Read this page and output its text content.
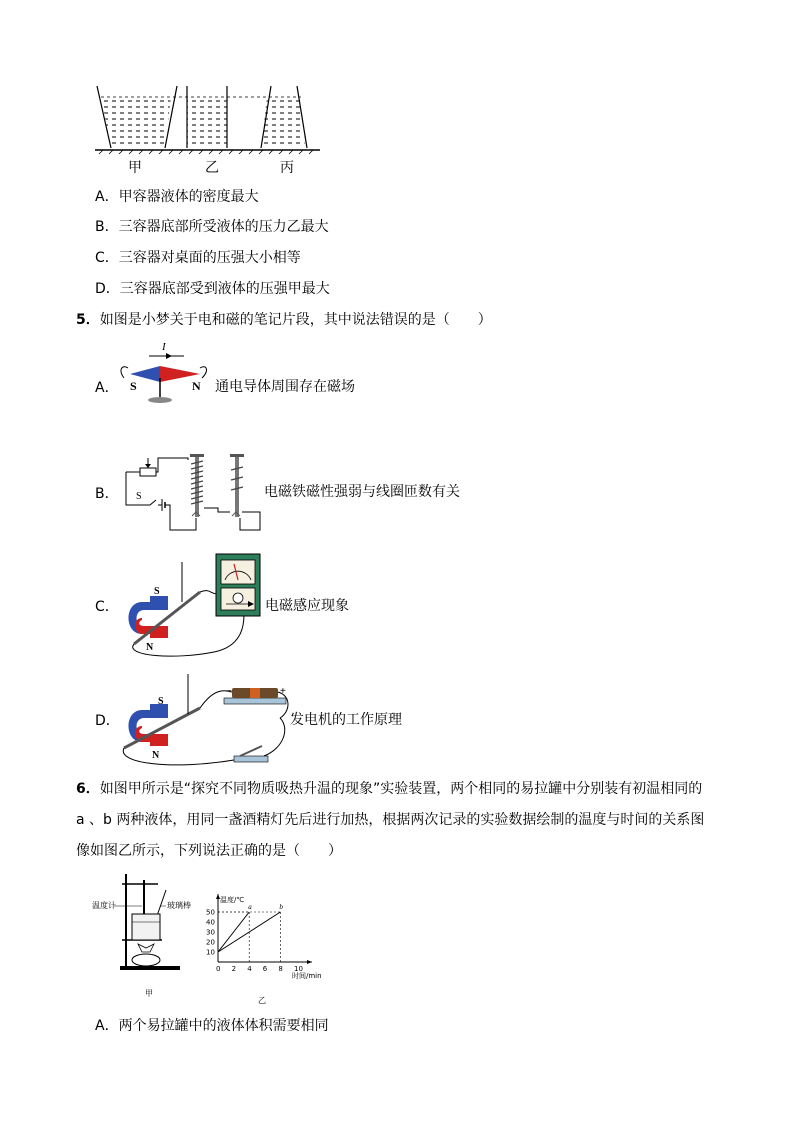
甲	乙	丙
A．甲容器液体的密度最大
B．三容器底部所受液体的压力乙最大
C．三容器对桌面的压强大小相等
D．三容器底部受到液体的压强甲最大
5．如图是小梦关于电和磁的笔记片段，其中说法错误的是（　　）
A．
I
S	N 通电导体周围存在磁场
B． S	电磁铁磁性强弱与线圈匝数有关
C．
S
N
电磁感应现象
D．
S
N
−	+
发电机的工作原理
6．如图甲所示是“探究不同物质吸热升温的现象”实验装置，两个相同的易拉罐中分别装有初温相同的
a 、b 两种液体，用同一盏酒精灯先后进行加热，根据两次记录的实验数据绘制的温度与时间的关系图
像如图乙所示，下列说法正确的是（　　）
温度计	玻璃棒
甲
温度/℃
时间/min
0 2 4 6 8 10
10
20
30
40
50
a	b
乙
A．两个易拉罐中的液体体积需要相同
